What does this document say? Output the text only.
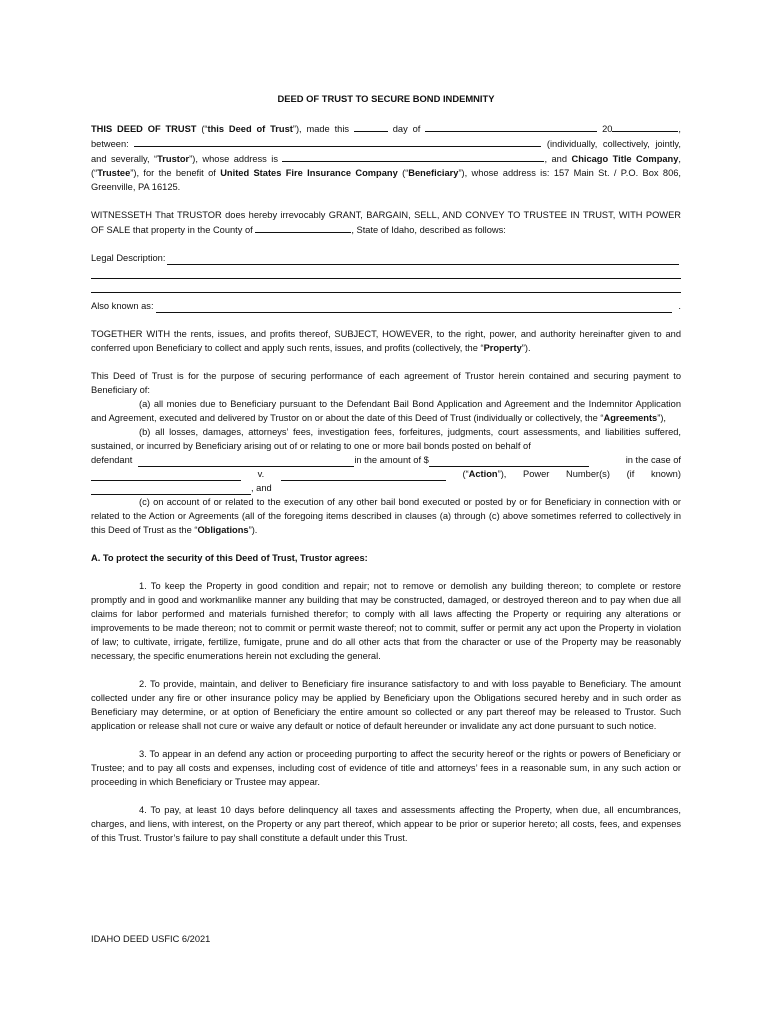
DEED OF TRUST TO SECURE BOND INDEMNITY

THIS DEED OF TRUST (“this Deed of Trust”), made this	day of	20	, between:	(individually, collectively, jointly, and severally, “Trustor”), whose address is	, and Chicago Title Company, (“Trustee”), for the benefit of United States Fire Insurance Company (“Beneficiary”), whose address is: 157 Main St. / P.O. Box 806, Greenville, PA 16125.

WITNESSETH That TRUSTOR does hereby irrevocably GRANT, BARGAIN, SELL, AND CONVEY TO TRUSTEE IN TRUST, WITH POWER OF SALE that property in the County of	, State of Idaho, described as follows:

Legal Description:
Also known as:	.

TOGETHER WITH the rents, issues, and profits thereof, SUBJECT, HOWEVER, to the right, power, and authority hereinafter given to and conferred upon Beneficiary to collect and apply such rents, issues, and profits (collectively, the “Property”).

This Deed of Trust is for the purpose of securing performance of each agreement of Trustor herein contained and securing payment to Beneficiary of:

(a) all monies due to Beneficiary pursuant to the Defendant Bail Bond Application and Agreement and the Indemnitor Application and Agreement, executed and delivered by Trustor on or about the date of this Deed of Trust (individually or collectively, the “Agreements”),

(b) all losses, damages, attorneys’ fees, investigation fees, forfeitures, judgments, court assessments, and liabilities suffered, sustained, or incurred by Beneficiary arising out of or relating to one or more bail bonds posted on behalf of

defendant	in the amount of $	in the case of
v.	(“Action”), Power Number(s) (if known)
, and

(c) on account of or related to the execution of any other bail bond executed or posted by or for Beneficiary in connection with or related to the Action or Agreements (all of the foregoing items described in clauses (a) through (c) above sometimes referred to collectively in this Deed of Trust as the “Obligations”).

A. To protect the security of this Deed of Trust, Trustor agrees:

1. To keep the Property in good condition and repair; not to remove or demolish any building thereon; to complete or restore promptly and in good and workmanlike manner any building that may be constructed, damaged, or destroyed thereon and to pay when due all claims for labor performed and materials furnished therefor; to comply with all laws affecting the Property or requiring any alterations or improvements to be made thereon; not to commit or permit waste thereof; not to commit, suffer or permit any act upon the Property in violation of law; to cultivate, irrigate, fertilize, fumigate, prune and do all other acts that from the character or use of the Property may be reasonably necessary, the specific enumerations herein not excluding the general.

2. To provide, maintain, and deliver to Beneficiary fire insurance satisfactory to and with loss payable to Beneficiary. The amount collected under any fire or other insurance policy may be applied by Beneficiary upon the Obligations secured hereby and in such order as Beneficiary may determine, or at option of Beneficiary the entire amount so collected or any part thereof may be released to Trustor. Such application or release shall not cure or waive any default or notice of default hereunder or invalidate any act done pursuant to such notice.

3. To appear in an defend any action or proceeding purporting to affect the security hereof or the rights or powers of Beneficiary or Trustee; and to pay all costs and expenses, including cost of evidence of title and attorneys’ fees in a reasonable sum, in any such action or proceeding in which Beneficiary or Trustee may appear.

4. To pay, at least 10 days before delinquency all taxes and assessments affecting the Property, when due, all encumbrances, charges, and liens, with interest, on the Property or any part thereof, which appear to be prior or superior hereto; all costs, fees, and expenses of this Trust. Trustor’s failure to pay shall constitute a default under this Trust.

IDAHO DEED USFIC 6/2021
